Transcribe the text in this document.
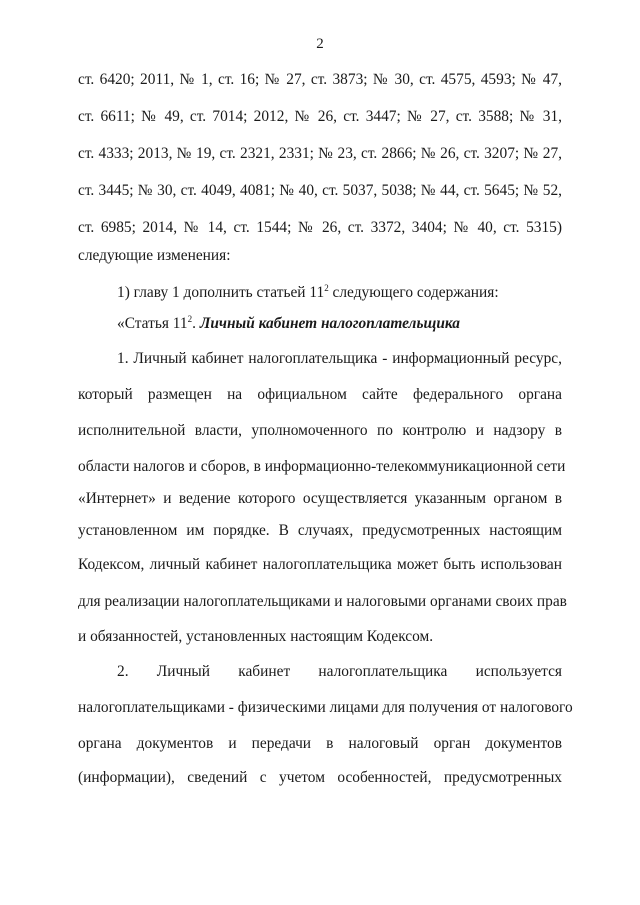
2
ст. 6420; 2011, № 1, ст. 16; № 27, ст. 3873; № 30, ст. 4575, 4593; № 47,
ст. 6611; № 49, ст. 7014; 2012, № 26, ст. 3447; № 27, ст. 3588; № 31,
ст. 4333; 2013, № 19, ст. 2321, 2331; № 23, ст. 2866; № 26, ст. 3207; № 27,
ст. 3445; № 30, ст. 4049, 4081; № 40, ст. 5037, 5038; № 44, ст. 5645; № 52,
ст. 6985; 2014, № 14, ст. 1544; № 26, ст. 3372, 3404; № 40, ст. 5315)
следующие изменения:
1) главу 1 дополнить статьей $11^2$ следующего содержания:
«Статья $11^2$. Личный кабинет налогоплательщика
1. Личный кабинет налогоплательщика - информационный ресурс,
который размещен на официальном сайте федерального органа
исполнительной власти, уполномоченного по контролю и надзору в
области налогов и сборов, в информационно-телекоммуникационной сети
«Интернет» и ведение которого осуществляется указанным органом в
установленном им порядке. В случаях, предусмотренных настоящим
Кодексом, личный кабинет налогоплательщика может быть использован
для реализации налогоплательщиками и налоговыми органами своих прав
и обязанностей, установленных настоящим Кодексом.
2. Личный кабинет налогоплательщика используется
налогоплательщиками - физическими лицами для получения от налогового
органа документов и передачи в налоговый орган документов
(информации), сведений с учетом особенностей, предусмотренных
